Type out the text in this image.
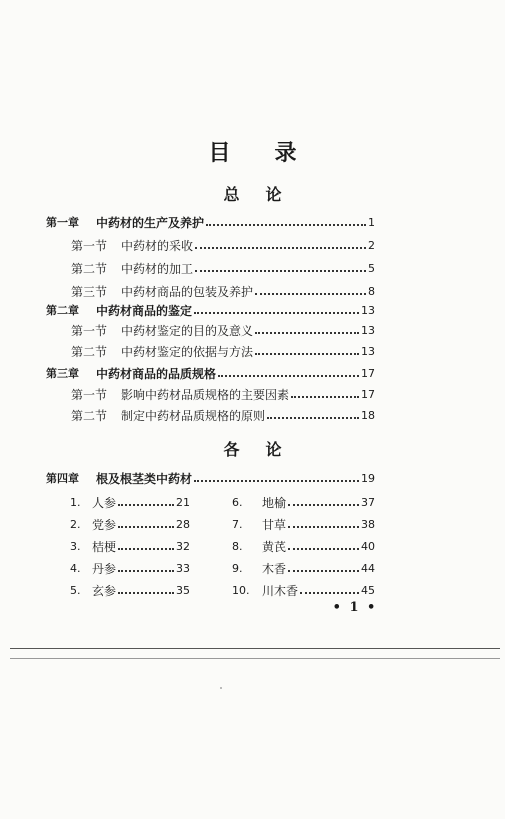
目录
总论
各论
第一章	中药材的生产及养护	1
第一节	中药材的采收	2
第二节	中药材的加工	5
第三节	中药材商品的包装及养护	8
第二章	中药材商品的鉴定	13
第一节	中药材鉴定的目的及意义	13
第二节	中药材鉴定的依据与方法	13
第三章	中药材商品的品质规格	17
第一节	影响中药材品质规格的主要因素	17
第二节	制定中药材品质规格的原则	18
第四章	根及根茎类中药材	19
1. 人参	21
2. 党参	28
3. 桔梗	32
4. 丹参	33
5. 玄参	35
6.	地榆	37
7.	甘草	38
8.	黄芪	40
9.	木香	44
10.	川木香	45
• 1 •
